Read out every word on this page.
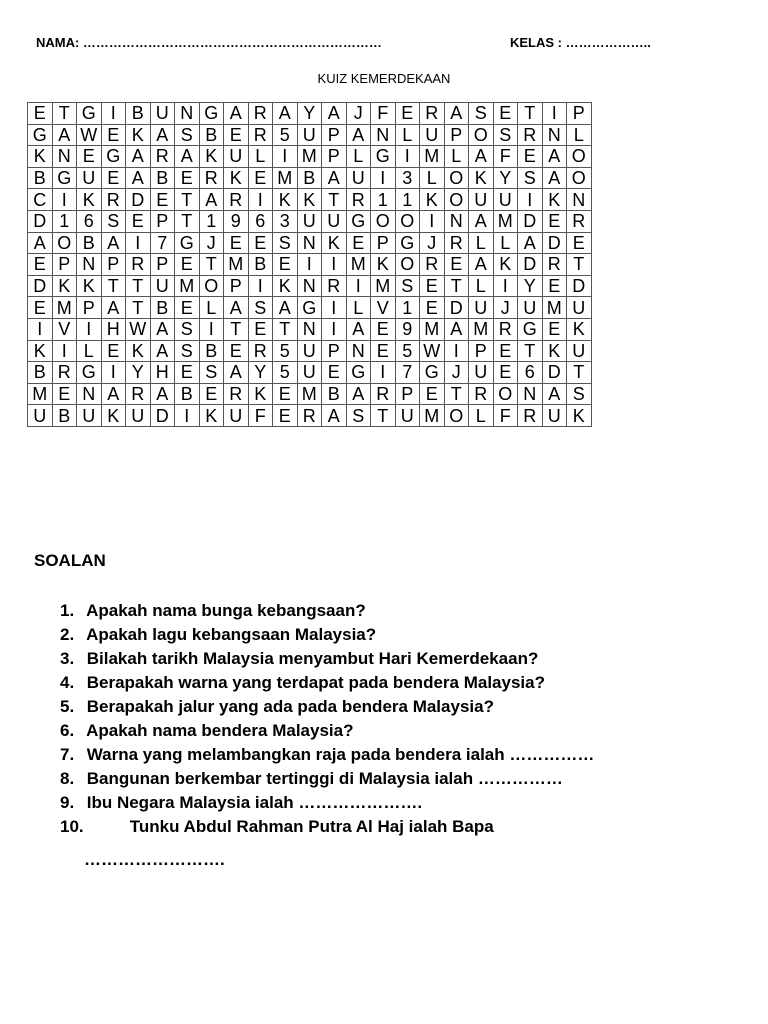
NAMA: ……………………………………………………………	KELAS : ………………..
KUIZ KEMERDEKAAN
E	T	G	I	B	U	N	G	A	R	A	Y	A	J	F	E	R	A	S	E	T	I	P
G	A	W	E	K	A	S	B	E	R	5	U	P	A	N	L	U	P	O	S	R	N	L
K	N	E	G	A	R	A	K	U	L	I	M	P	L	G	I	M	L	A	F	E	A	O
B	G	U	E	A	B	E	R	K	E	M	B	A	U	I	3	L	O	K	Y	S	A	O
C	I	K	R	D	E	T	A	R	I	K	K	T	R	1	1	K	O	U	U	I	K	N
D	1	6	S	E	P	T	1	9	6	3	U	U	G	O	O	I	N	A	M	D	E	R
A	O	B	A	I	7	G	J	E	E	S	N	K	E	P	G	J	R	L	L	A	D	E
E	P	N	P	R	P	E	T	M	B	E	I	I	M	K	O	R	E	A	K	D	R	T
D	K	K	T	T	U	M	O	P	I	K	N	R	I	M	S	E	T	L	I	Y	E	D
E	M	P	A	T	B	E	L	A	S	A	G	I	L	V	1	E	D	U	J	U	M	U
I	V	I	H	W	A	S	I	T	E	T	N	I	A	E	9	M	A	M	R	G	E	K
K	I	L	E	K	A	S	B	E	R	5	U	P	N	E	5	W	I	P	E	T	K	U
B	R	G	I	Y	H	E	S	A	Y	5	U	E	G	I	7	G	J	U	E	6	D	T
M	E	N	A	R	A	B	E	R	K	E	M	B	A	R	P	E	T	R	O	N	A	S
U	B	U	K	U	D	I	K	U	F	E	R	A	S	T	U	M	O	L	F	R	U	K
SOALAN
1. Apakah nama bunga kebangsaan?
2. Apakah lagu kebangsaan Malaysia?
3. Bilakah tarikh Malaysia menyambut Hari Kemerdekaan?
4. Berapakah warna yang terdapat pada bendera Malaysia?
5. Berapakah jalur yang ada pada bendera Malaysia?
6. Apakah nama bendera Malaysia?
7. Warna yang melambangkan raja pada bendera ialah ……………
8. Bangunan berkembar tertinggi di Malaysia ialah ……………
9. Ibu Negara Malaysia ialah ………………….
10.	Tunku Abdul Rahman Putra Al Haj ialah Bapa
…………………….
